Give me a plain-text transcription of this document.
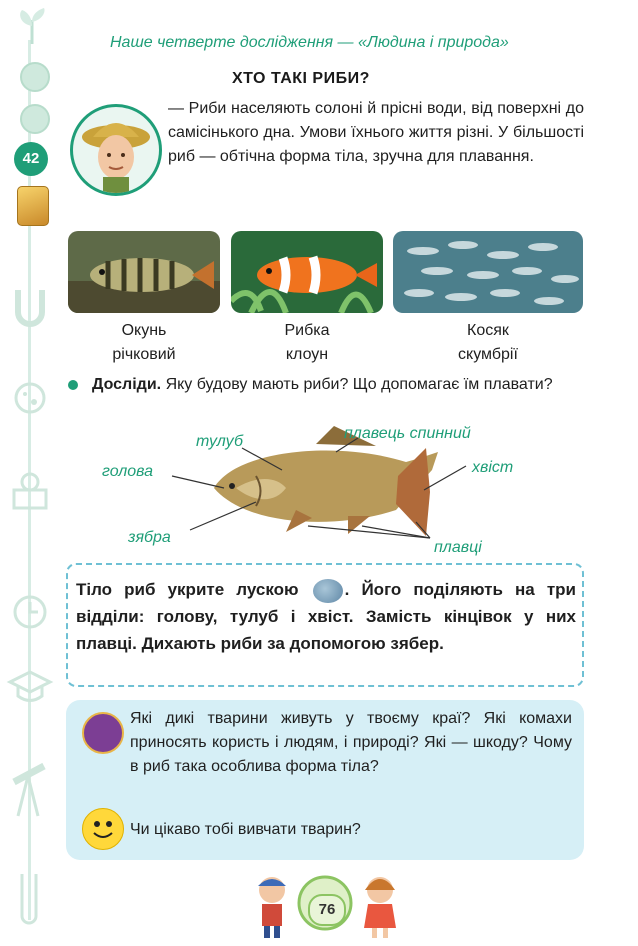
42
Наше четверте дослідження — «Людина і природа»
ХТО ТАКІ РИБИ?
— Риби населяють солоні й прісні води, від поверхні до самісінького дна. Умови їхнього життя різні. У більшості риб — обтічна форма тіла, зручна для плавання.
Окунь
річковий
Рибка
клоун
Косяк
скумбрії
Досліди. Яку будову мають риби? Що допомагає їм плавати?
тулуб	плавець спинний
голова	хвіст
зябра
плавці
Тіло риб укрите лускою	. Його поділяють на три відділи: голову, тулуб і хвіст. Замість кінцівок у них плавці. Дихають риби за допомогою зябер.
Які дикі тварини живуть у твоєму краї? Які комахи приносять користь і людям, і природі? Які — шкоду? Чому в риб така особлива форма тіла?
Чи цікаво тобі вивчати тварин?
76
